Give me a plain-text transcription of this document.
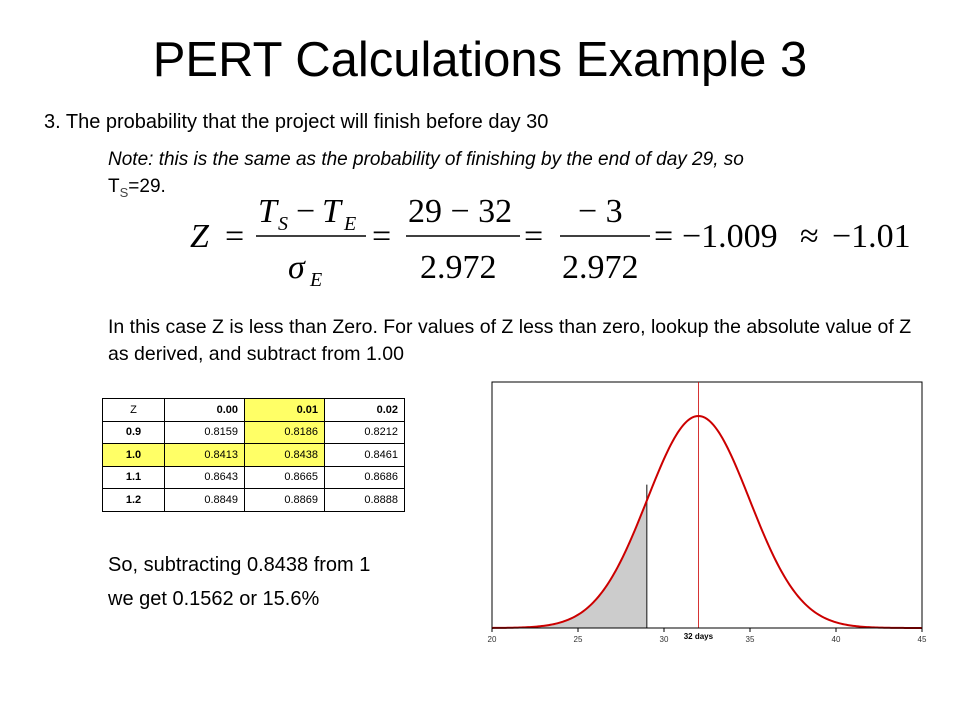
PERT Calculations Example 3
3. The probability that the project will finish before day 30
Note: this is the same as the probability of finishing by the end of day 29, so
$T_S=29$.
Z =
T S − T E
σ E
=
29 − 32
2.972
=
− 3
2.972
= −1.009 ≈ −1.01
In this case Z is less than Zero. For values of Z less than zero, lookup the absolute value of Z as derived, and subtract from 1.00
Z	0.00	0.01	0.02
0.9	0.8159	0.8186	0.8212
1.0	0.8413	0.8438	0.8461
1.1	0.8643	0.8665	0.8686
1.2	0.8849	0.8869	0.8888
So, subtracting 0.8438 from 1
we get 0.1562 or 15.6%
20	25	30	35	40	45
32 days
